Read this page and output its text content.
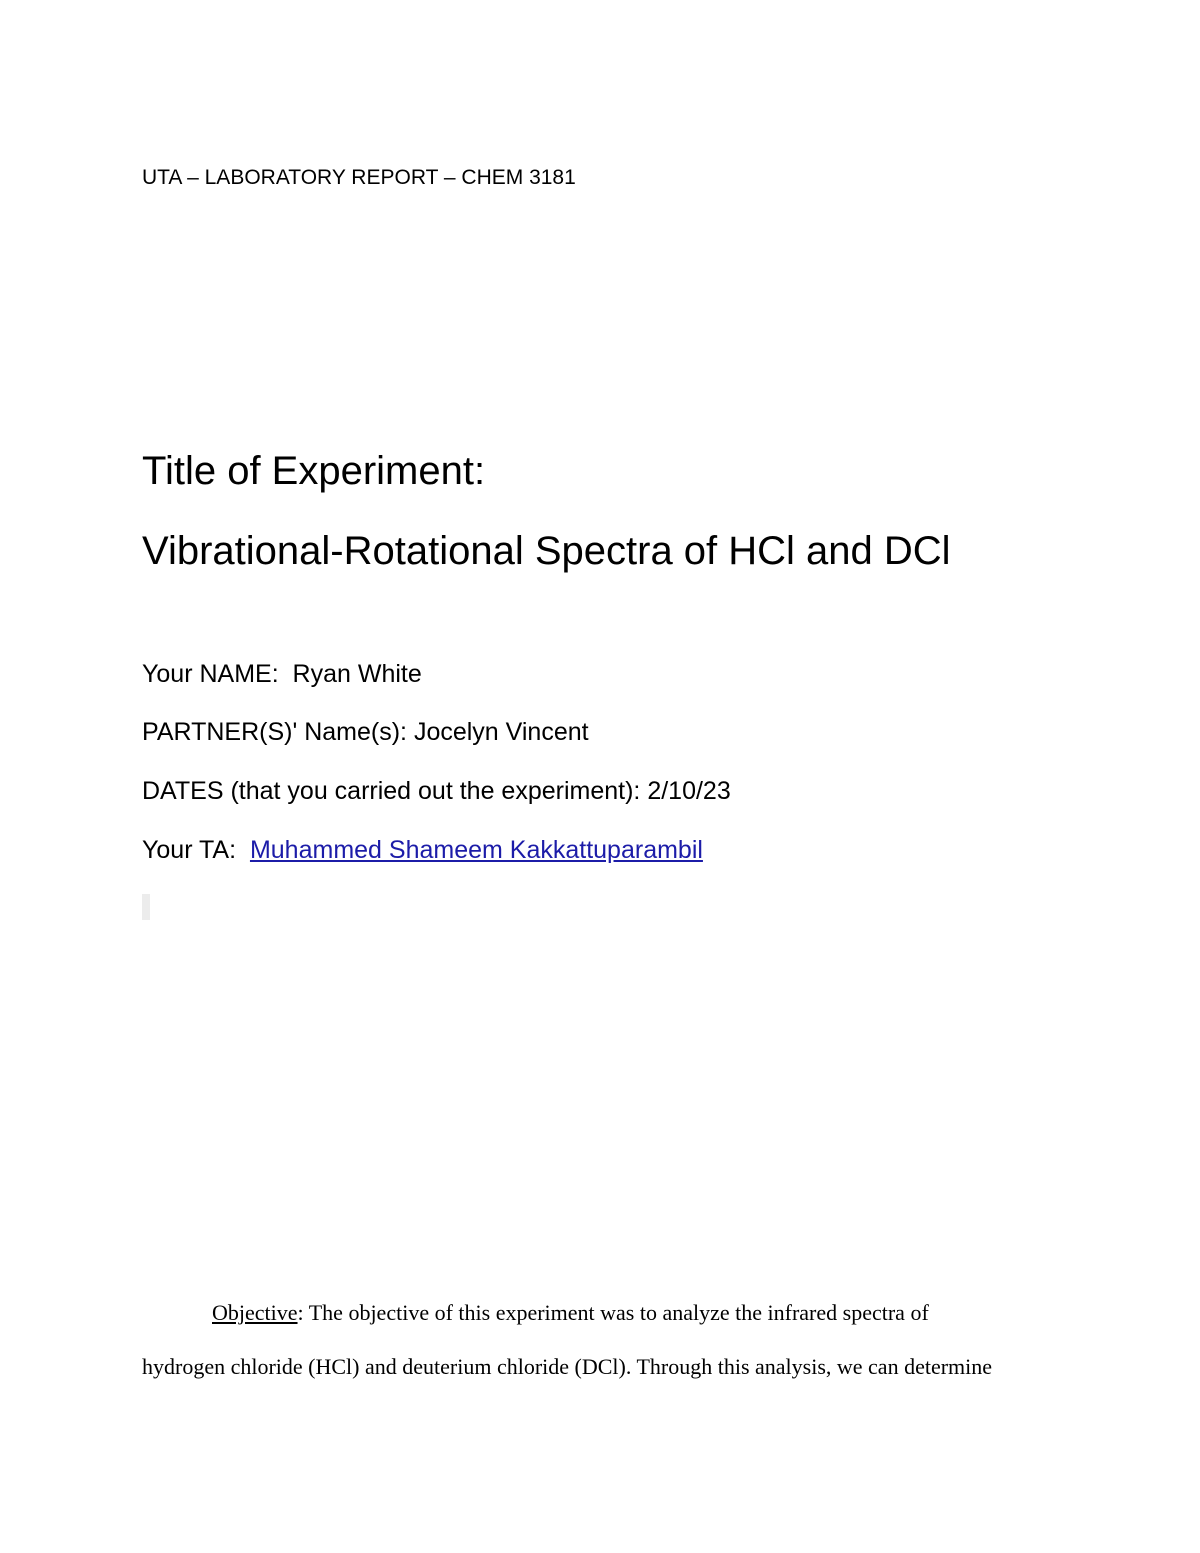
UTA – LABORATORY REPORT – CHEM 3181
Title of Experiment:
Vibrational-Rotational Spectra of HCl and DCl
Your NAME: Ryan White
PARTNER(S)' Name(s): Jocelyn Vincent
DATES (that you carried out the experiment): 2/10/23
Your TA: Muhammed Shameem Kakkattuparambil
Objective: The objective of this experiment was to analyze the infrared spectra of
hydrogen chloride (HCl) and deuterium chloride (DCl). Through this analysis, we can determine
